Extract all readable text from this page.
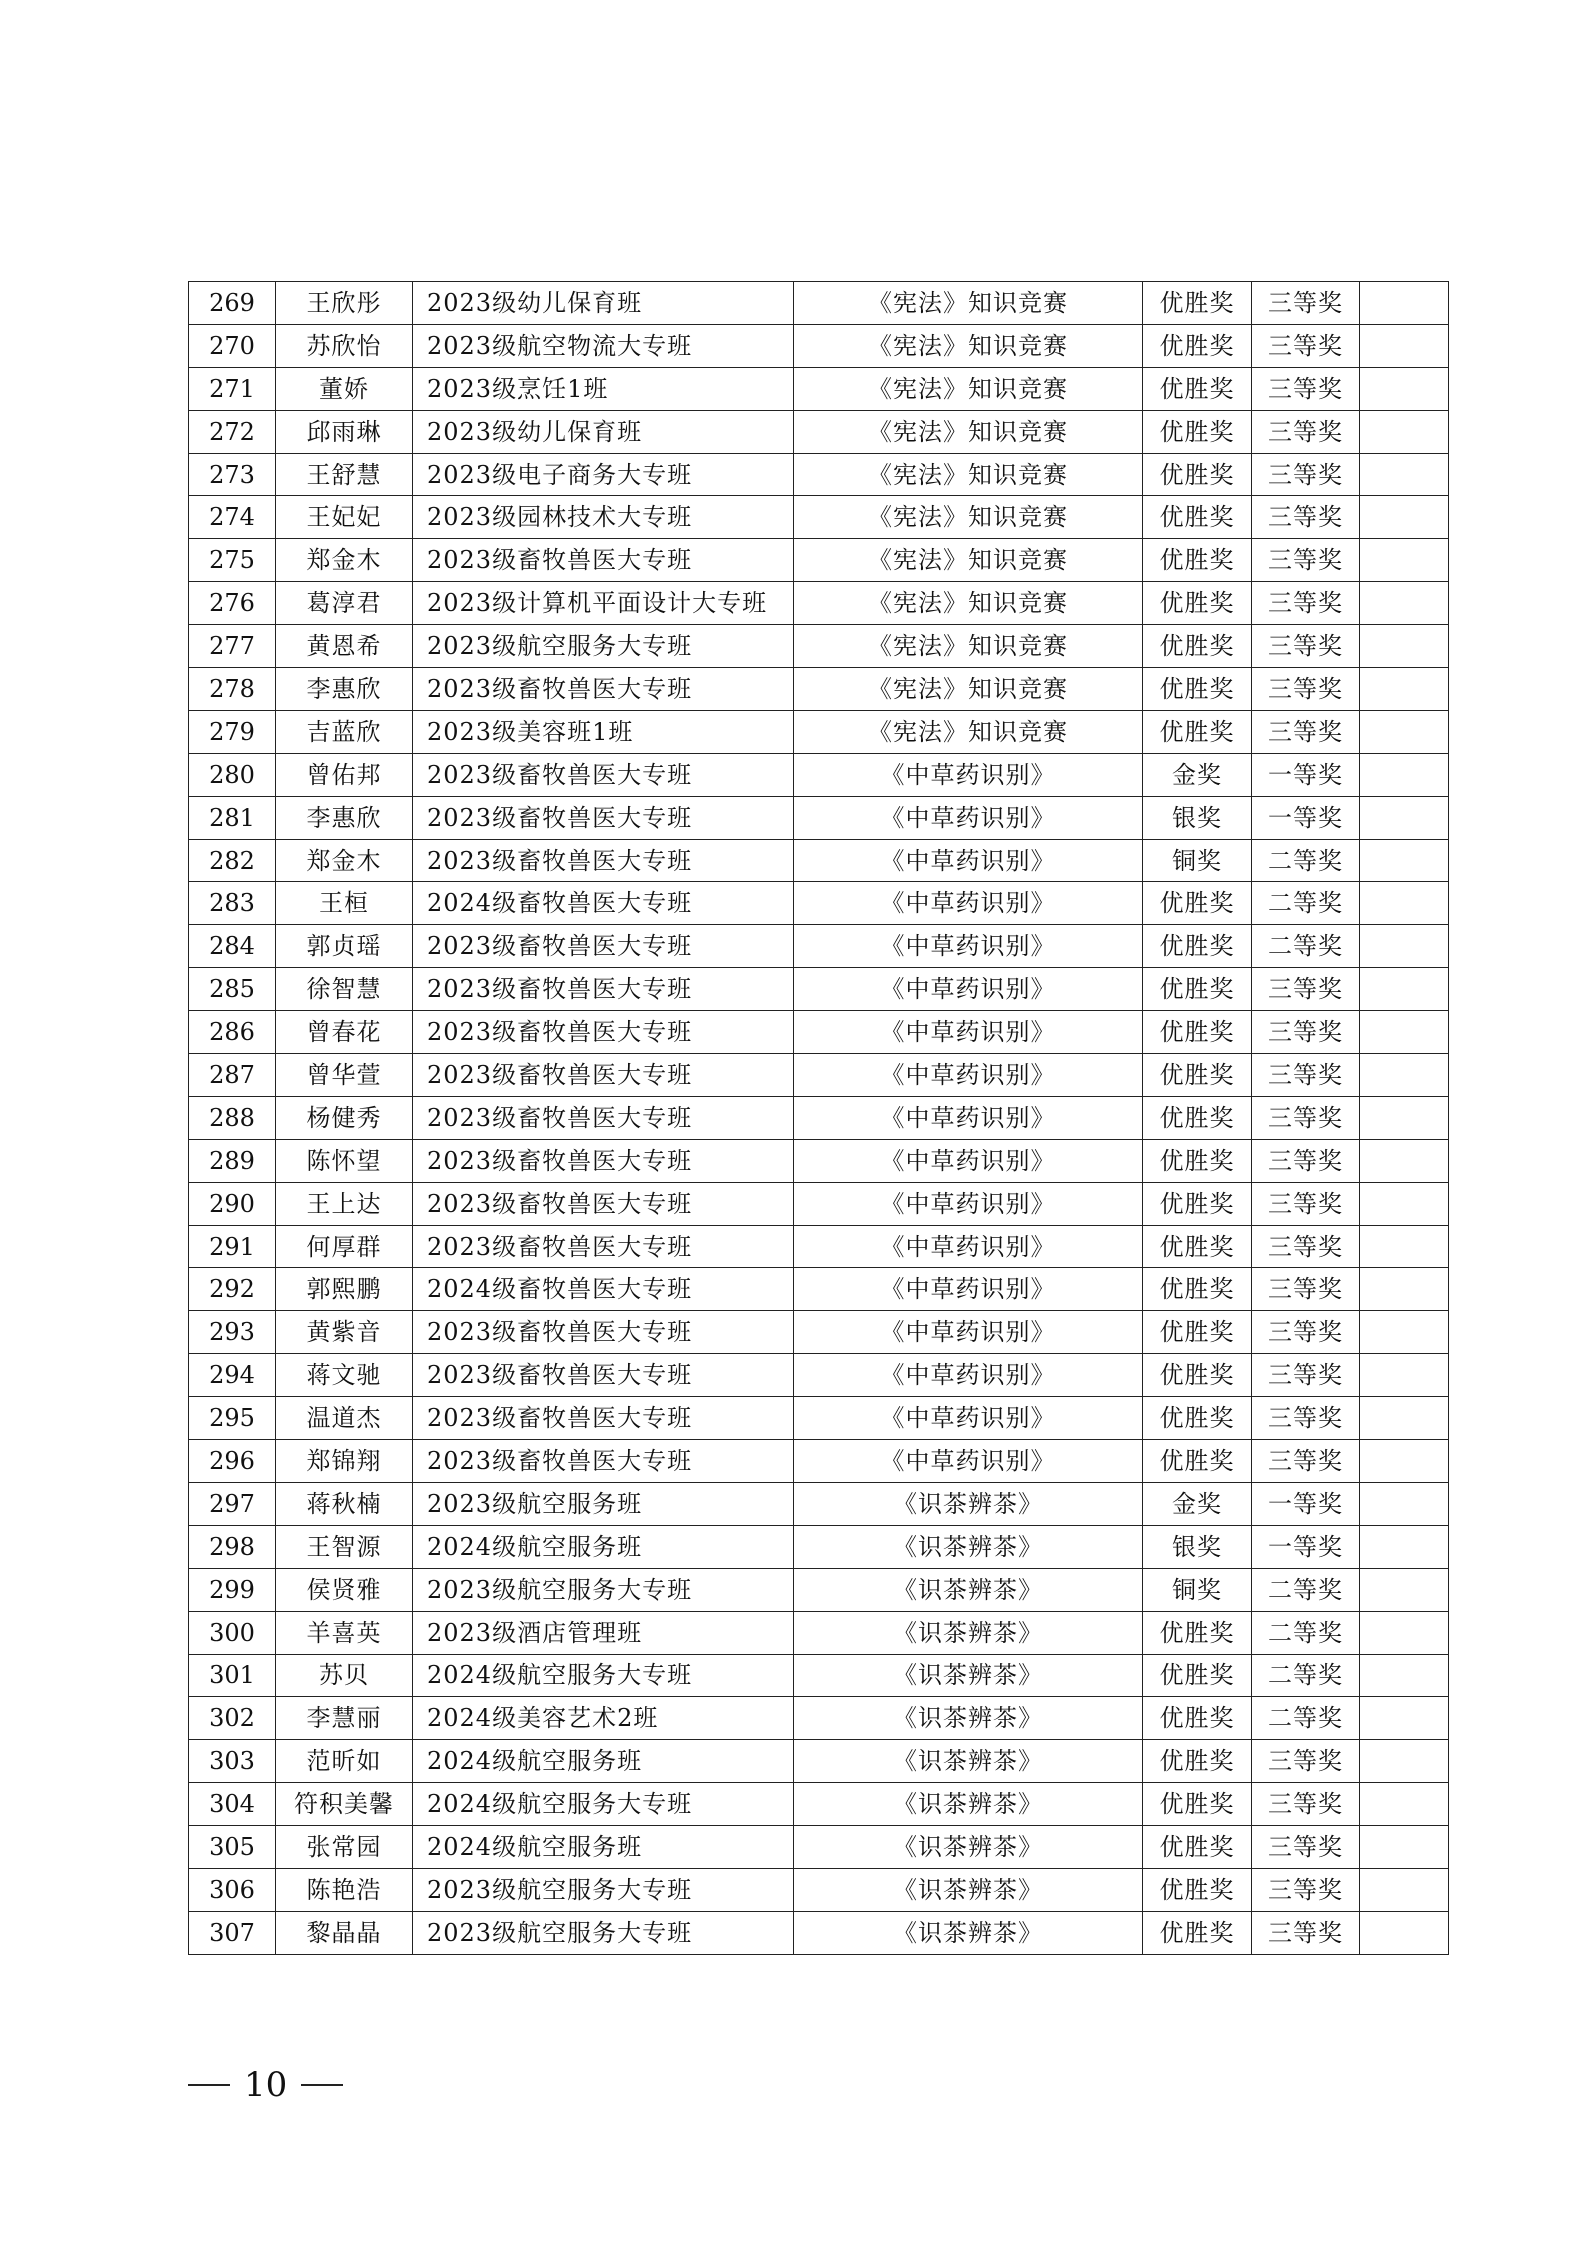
269	王欣彤	2023级幼儿保育班	《宪法》知识竞赛	优胜奖	三等奖	
270	苏欣怡	2023级航空物流大专班	《宪法》知识竞赛	优胜奖	三等奖	
271	董娇	2023级烹饪1班	《宪法》知识竞赛	优胜奖	三等奖	
272	邱雨琳	2023级幼儿保育班	《宪法》知识竞赛	优胜奖	三等奖	
273	王舒慧	2023级电子商务大专班	《宪法》知识竞赛	优胜奖	三等奖	
274	王妃妃	2023级园林技术大专班	《宪法》知识竞赛	优胜奖	三等奖	
275	郑金木	2023级畜牧兽医大专班	《宪法》知识竞赛	优胜奖	三等奖	
276	葛淳君	2023级计算机平面设计大专班	《宪法》知识竞赛	优胜奖	三等奖	
277	黄恩希	2023级航空服务大专班	《宪法》知识竞赛	优胜奖	三等奖	
278	李惠欣	2023级畜牧兽医大专班	《宪法》知识竞赛	优胜奖	三等奖	
279	吉蓝欣	2023级美容班1班	《宪法》知识竞赛	优胜奖	三等奖	
280	曾佑邦	2023级畜牧兽医大专班	《中草药识别》	金奖	一等奖	
281	李惠欣	2023级畜牧兽医大专班	《中草药识别》	银奖	一等奖	
282	郑金木	2023级畜牧兽医大专班	《中草药识别》	铜奖	二等奖	
283	王桓	2024级畜牧兽医大专班	《中草药识别》	优胜奖	二等奖	
284	郭贞瑶	2023级畜牧兽医大专班	《中草药识别》	优胜奖	二等奖	
285	徐智慧	2023级畜牧兽医大专班	《中草药识别》	优胜奖	三等奖	
286	曾春花	2023级畜牧兽医大专班	《中草药识别》	优胜奖	三等奖	
287	曾华萱	2023级畜牧兽医大专班	《中草药识别》	优胜奖	三等奖	
288	杨健秀	2023级畜牧兽医大专班	《中草药识别》	优胜奖	三等奖	
289	陈怀望	2023级畜牧兽医大专班	《中草药识别》	优胜奖	三等奖	
290	王上达	2023级畜牧兽医大专班	《中草药识别》	优胜奖	三等奖	
291	何厚群	2023级畜牧兽医大专班	《中草药识别》	优胜奖	三等奖	
292	郭熙鹏	2024级畜牧兽医大专班	《中草药识别》	优胜奖	三等奖	
293	黄紫音	2023级畜牧兽医大专班	《中草药识别》	优胜奖	三等奖	
294	蒋文驰	2023级畜牧兽医大专班	《中草药识别》	优胜奖	三等奖	
295	温道杰	2023级畜牧兽医大专班	《中草药识别》	优胜奖	三等奖	
296	郑锦翔	2023级畜牧兽医大专班	《中草药识别》	优胜奖	三等奖	
297	蒋秋楠	2023级航空服务班	《识茶辨茶》	金奖	一等奖	
298	王智源	2024级航空服务班	《识茶辨茶》	银奖	一等奖	
299	侯贤雅	2023级航空服务大专班	《识茶辨茶》	铜奖	二等奖	
300	羊喜英	2023级酒店管理班	《识茶辨茶》	优胜奖	二等奖	
301	苏贝	2024级航空服务大专班	《识茶辨茶》	优胜奖	二等奖	
302	李慧丽	2024级美容艺术2班	《识茶辨茶》	优胜奖	二等奖	
303	范昕如	2024级航空服务班	《识茶辨茶》	优胜奖	三等奖	
304	符积美馨	2024级航空服务大专班	《识茶辨茶》	优胜奖	三等奖	
305	张常园	2024级航空服务班	《识茶辨茶》	优胜奖	三等奖	
306	陈艳浩	2023级航空服务大专班	《识茶辨茶》	优胜奖	三等奖	
307	黎晶晶	2023级航空服务大专班	《识茶辨茶》	优胜奖	三等奖	
10
